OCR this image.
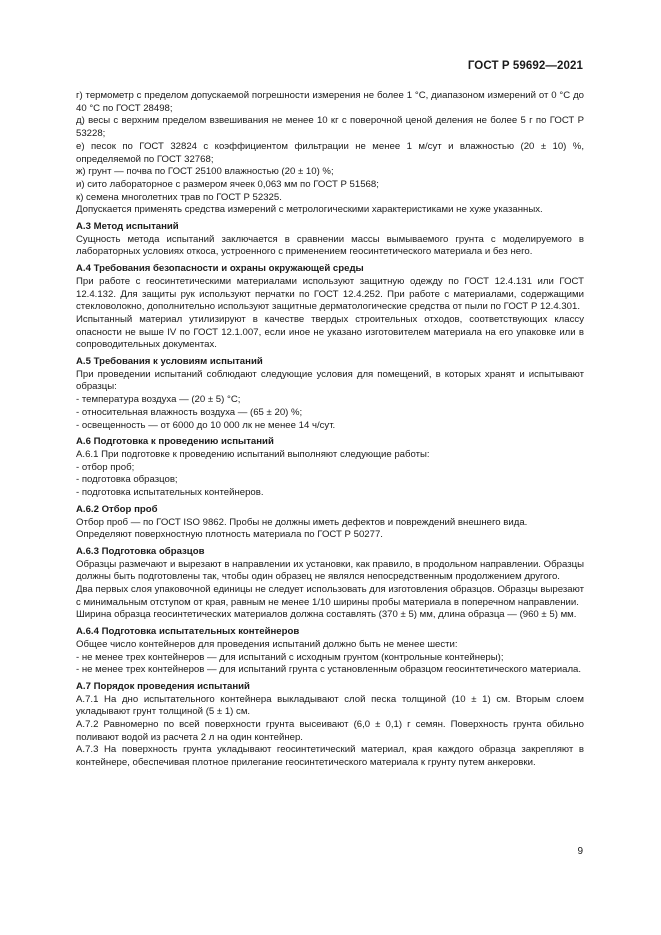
ГОСТ Р 59692—2021

г) термометр с пределом допускаемой погрешности измерения не более 1 °C, диапазоном измерений от 0 °C до 40 °C по ГОСТ 28498;

д) весы с верхним пределом взвешивания не менее 10 кг с поверочной ценой деления не более 5 г по ГОСТ Р 53228;

е) песок по ГОСТ 32824 с коэффициентом фильтрации не менее 1 м/сут и влажностью (20 ± 10) %, определяемой по ГОСТ 32768;

ж) грунт — почва по ГОСТ 25100 влажностью (20 ± 10) %;

и) сито лабораторное с размером ячеек 0,063 мм по ГОСТ Р 51568;

к) семена многолетних трав по ГОСТ Р 52325.

Допускается применять средства измерений с метрологическими характеристиками не хуже указанных.

А.3 Метод испытаний

Сущность метода испытаний заключается в сравнении массы вымываемого грунта с моделируемого в лабораторных условиях откоса, устроенного с применением геосинтетического материала и без него.

А.4 Требования безопасности и охраны окружающей среды

При работе с геосинтетическими материалами используют защитную одежду по ГОСТ 12.4.131 или ГОСТ 12.4.132. Для защиты рук используют перчатки по ГОСТ 12.4.252. При работе с материалами, содержащими стекловолокно, дополнительно используют защитные дерматологические средства от пыли по ГОСТ Р 12.4.301.

Испытанный материал утилизируют в качестве твердых строительных отходов, соответствующих классу опасности не выше IV по ГОСТ 12.1.007, если иное не указано изготовителем материала на его упаковке или в сопроводительных документах.

А.5 Требования к условиям испытаний

При проведении испытаний соблюдают следующие условия для помещений, в которых хранят и испытывают образцы:

- температура воздуха — (20 ± 5) °C;

- относительная влажность воздуха — (65 ± 20) %;

- освещенность — от 6000 до 10 000 лк не менее 14 ч/сут.

А.6 Подготовка к проведению испытаний

А.6.1 При подготовке к проведению испытаний выполняют следующие работы:

- отбор проб;

- подготовка образцов;

- подготовка испытательных контейнеров.

А.6.2 Отбор проб

Отбор проб — по ГОСТ ISO 9862. Пробы не должны иметь дефектов и повреждений внешнего вида.

Определяют поверхностную плотность материала по ГОСТ Р 50277.

А.6.3 Подготовка образцов

Образцы размечают и вырезают в направлении их установки, как правило, в продольном направлении. Образцы должны быть подготовлены так, чтобы один образец не являлся непосредственным продолжением другого.

Два первых слоя упаковочной единицы не следует использовать для изготовления образцов. Образцы вырезают с минимальным отступом от края, равным не менее 1/10 ширины пробы материала в поперечном направлении.

Ширина образца геосинтетических материалов должна составлять (370 ± 5) мм, длина образца — (960 ± 5) мм.

А.6.4 Подготовка испытательных контейнеров

Общее число контейнеров для проведения испытаний должно быть не менее шести:

- не менее трех контейнеров — для испытаний с исходным грунтом (контрольные контейнеры);

- не менее трех контейнеров — для испытаний грунта с установленным образцом геосинтетического материала.

А.7 Порядок проведения испытаний

А.7.1 На дно испытательного контейнера выкладывают слой песка толщиной (10 ± 1) см. Вторым слоем укладывают грунт толщиной (5 ± 1) см.

А.7.2 Равномерно по всей поверхности грунта высеивают (6,0 ± 0,1) г семян. Поверхность грунта обильно поливают водой из расчета 2 л на один контейнер.

А.7.3 На поверхность грунта укладывают геосинтетический материал, края каждого образца закрепляют в контейнере, обеспечивая плотное прилегание геосинтетического материала к грунту путем анкеровки.

9
